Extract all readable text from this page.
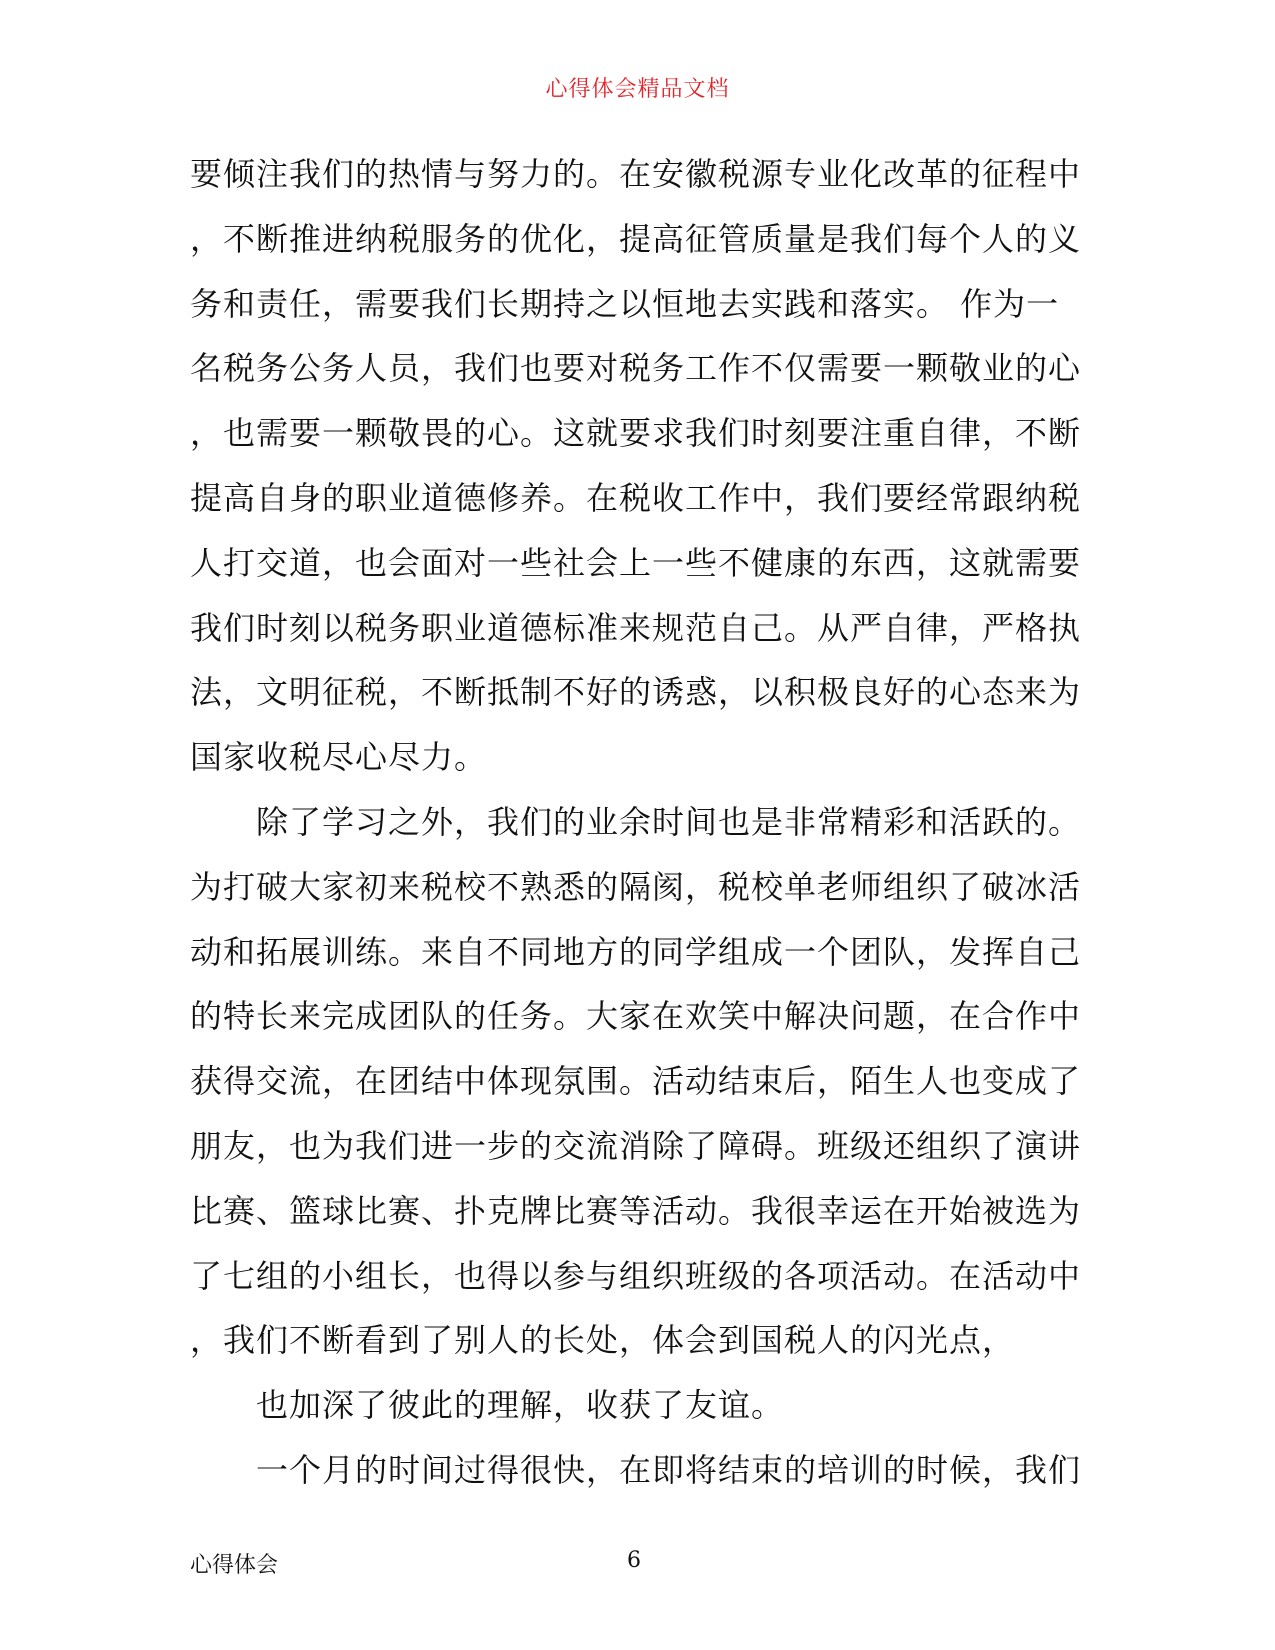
心得体会精品文档
要倾注我们的热情与努力的。在安徽税源专业化改革的征程中
，不断推进纳税服务的优化，提高征管质量是我们每个人的义
务和责任，需要我们长期持之以恒地去实践和落实。 作为一
名税务公务人员，我们也要对税务工作不仅需要一颗敬业的心
，也需要一颗敬畏的心。这就要求我们时刻要注重自律，不断
提高自身的职业道德修养。在税收工作中，我们要经常跟纳税
人打交道，也会面对一些社会上一些不健康的东西，这就需要
我们时刻以税务职业道德标准来规范自己。从严自律，严格执
法，文明征税，不断抵制不好的诱惑，以积极良好的心态来为
国家收税尽心尽力。
除了学习之外，我们的业余时间也是非常精彩和活跃的。
为打破大家初来税校不熟悉的隔阂，税校单老师组织了破冰活
动和拓展训练。来自不同地方的同学组成一个团队，发挥自己
的特长来完成团队的任务。大家在欢笑中解决问题，在合作中
获得交流，在团结中体现氛围。活动结束后，陌生人也变成了
朋友，也为我们进一步的交流消除了障碍。班级还组织了演讲
比赛、篮球比赛、扑克牌比赛等活动。我很幸运在开始被选为
了七组的小组长，也得以参与组织班级的各项活动。在活动中
，我们不断看到了别人的长处，体会到国税人的闪光点，
也加深了彼此的理解，收获了友谊。
一个月的时间过得很快，在即将结束的培训的时候，我们
心得体会	6
